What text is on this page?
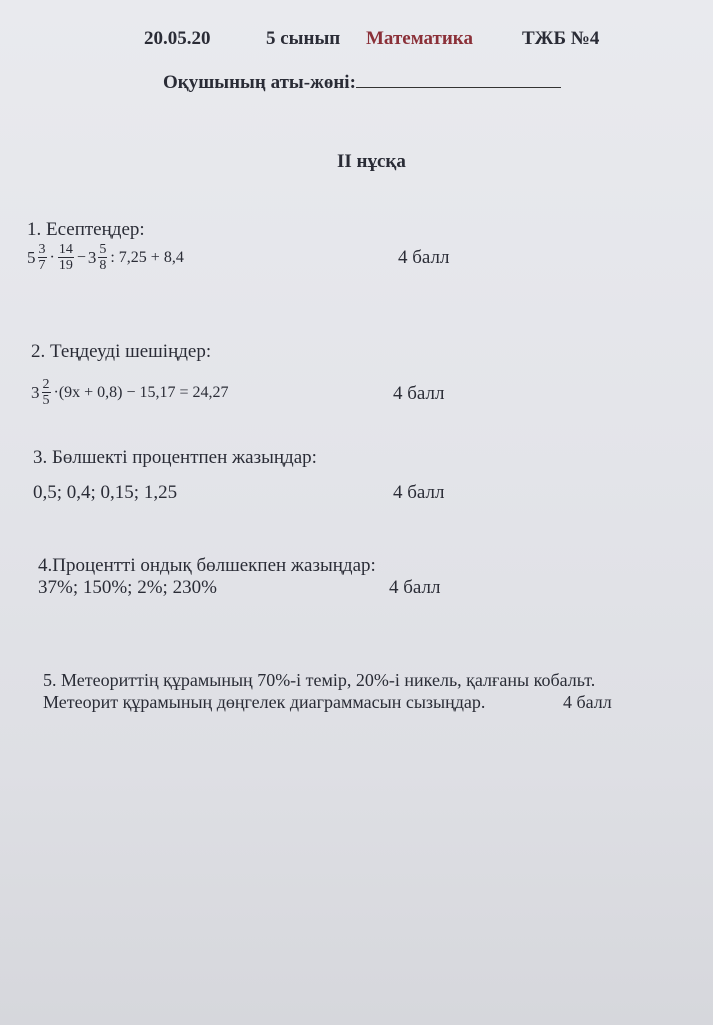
20.05.20	5 сынып Математика	ТЖБ №4
Оқушының аты-жөні:
II нұсқа
1. Есептеңдер:
$5 \frac{3}{7} \cdot \frac{14}{19} - 3 \frac{5}{8}$ : 7,25 + 8,4	4 балл
2. Теңдеуді шешіңдер:
$3 \frac{2}{5} \cdot(9x + 0,8) - 15,17 = 24,27$	4 балл
3. Бөлшекті процентпен жазыңдар:
0,5; 0,4; 0,15; 1,25	4 балл
4.Процентті ондық бөлшекпен жазыңдар:
37%; 150%; 2%; 230%	4 балл
5. Метеориттің құрамының 70%-і темір, 20%-і никель, қалғаны кобальт.
Метеорит құрамының дөңгелек диаграммасын сызыңдар.	4 балл
